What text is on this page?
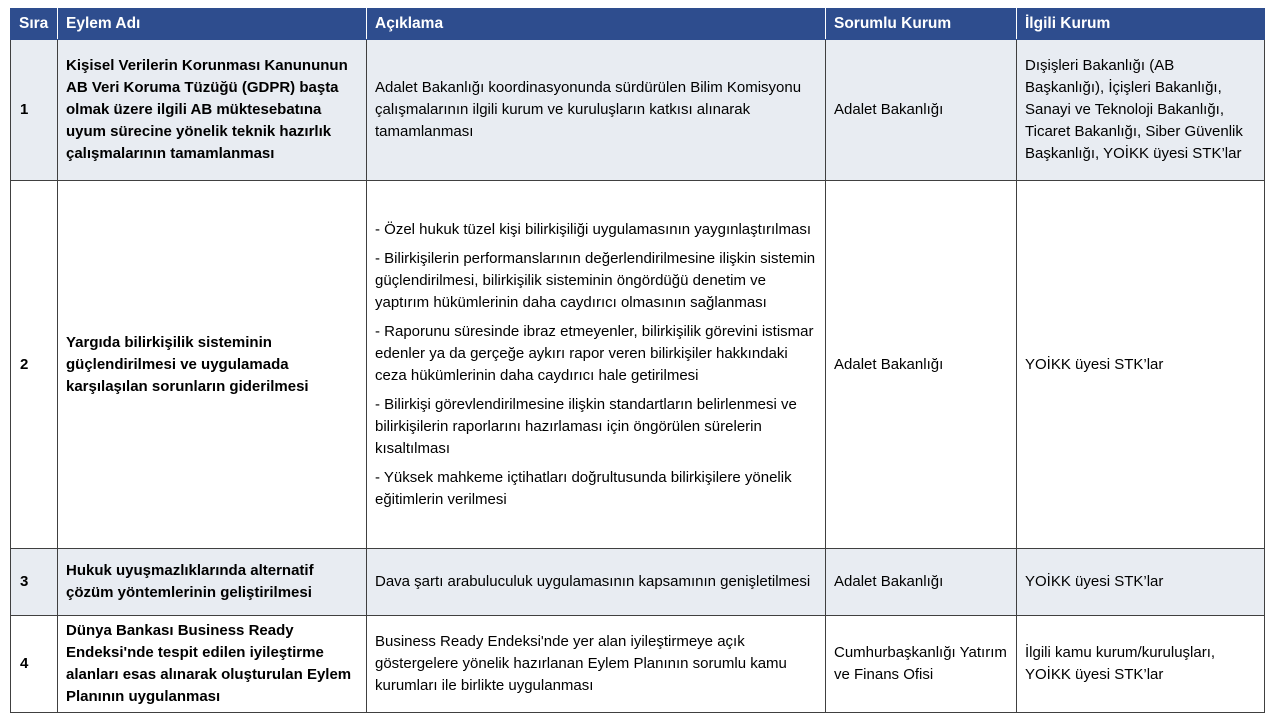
Sıra	Eylem Adı	Açıklama	Sorumlu Kurum	İlgili Kurum
1	Kişisel Verilerin Korunması Kanununun AB Veri Koruma Tüzüğü (GDPR) başta olmak üzere ilgili AB müktesebatına uyum sürecine yönelik teknik hazırlık çalışmalarının tamamlanması	Adalet Bakanlığı koordinasyonunda sürdürülen Bilim Komisyonu çalışmalarının ilgili kurum ve kuruluşların katkısı alınarak tamamlanması	Adalet Bakanlığı	Dışişleri Bakanlığı (AB Başkanlığı), İçişleri Bakanlığı, Sanayi ve Teknoloji Bakanlığı, Ticaret Bakanlığı, Siber Güvenlik Başkanlığı, YOİKK üyesi STK’lar
2	Yargıda bilirkişilik sisteminin güçlendirilmesi ve uygulamada karşılaşılan sorunların giderilmesi	- Özel hukuk tüzel kişi bilirkişiliği uygulamasının yaygınlaştırılması
- Bilirkişilerin performanslarının değerlendirilmesine ilişkin sistemin güçlendirilmesi, bilirkişilik sisteminin öngördüğü denetim ve yaptırım hükümlerinin daha caydırıcı olmasının sağlanması
- Raporunu süresinde ibraz etmeyenler, bilirkişilik görevini istismar edenler ya da gerçeğe aykırı rapor veren bilirkişiler hakkındaki ceza hükümlerinin daha caydırıcı hale getirilmesi
- Bilirkişi görevlendirilmesine ilişkin standartların belirlenmesi ve bilirkişilerin raporlarını hazırlaması için öngörülen sürelerin kısaltılması
- Yüksek mahkeme içtihatları doğrultusunda bilirkişilere yönelik eğitimlerin verilmesi	Adalet Bakanlığı	YOİKK üyesi STK’lar
3	Hukuk uyuşmazlıklarında alternatif çözüm yöntemlerinin geliştirilmesi	Dava şartı arabuluculuk uygulamasının kapsamının genişletilmesi	Adalet Bakanlığı	YOİKK üyesi STK’lar
4	Dünya Bankası Business Ready Endeksi'nde tespit edilen iyileştirme alanları esas alınarak oluşturulan Eylem Planının uygulanması	Business Ready Endeksi'nde yer alan iyileştirmeye açık göstergelere yönelik hazırlanan Eylem Planının sorumlu kamu kurumları ile birlikte uygulanması	Cumhurbaşkanlığı Yatırım ve Finans Ofisi	İlgili kamu kurum/kuruluşları, YOİKK üyesi STK’lar
